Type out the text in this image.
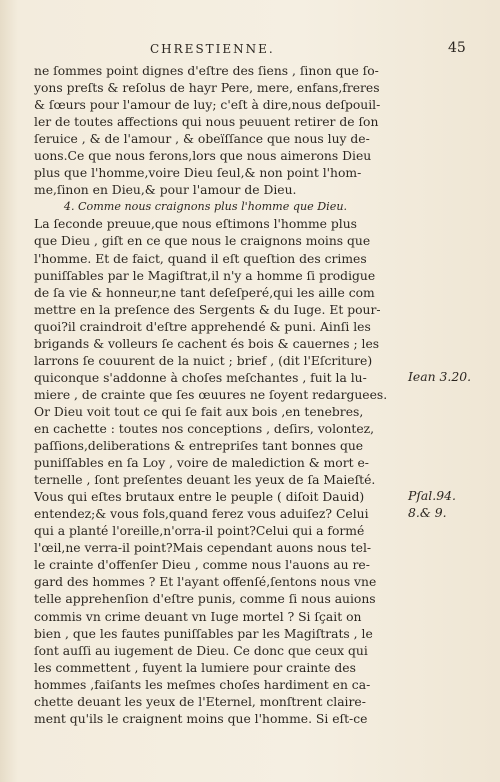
CHRESTIENNE.	45
ne ſommes point dignes d'eſtre des ſiens , ſinon que ſo-
yons preſts & reſolus de hayr Pere, mere, enfans,freres
& ſœurs pour l'amour de luy; c'eſt à dire,nous deſpouil-
ler de toutes affections qui nous peuuent retirer de ſon
ſeruice , & de l'amour , & obeïſſance que nous luy de-
uons.Ce que nous ferons,lors que nous aimerons Dieu
plus que l'homme,voire Dieu ſeul,& non point l'hom-
me,ſinon en Dieu,& pour l'amour de Dieu.
4. Comme nous craignons plus l'homme que Dieu.
La ſeconde preuue,que nous eſtimons l'homme plus
que Dieu , giſt en ce que nous le craignons moins que
l'homme. Et de faict, quand il eſt queſtion des crimes
puniſſables par le Magiſtrat,il n'y a homme ſi prodigue
de ſa vie & honneur,ne tant deſeſperé,qui les aille com
mettre en la preſence des Sergents & du Iuge. Et pour-
quoi?il craindroit d'eſtre apprehendé & puni. Ainſi les
brigands & volleurs ſe cachent és bois & cauernes ; les
larrons ſe couurent de la nuict ; brief , (dit l'Eſcriture)
quiconque s'addonne à choſes meſchantes , fuit la lu-
miere , de crainte que ſes œuures ne ſoyent redarguees.
Or Dieu voit tout ce qui ſe fait aux bois ,en tenebres,
en cachette : toutes nos conceptions , deſirs, volontez,
paſſions,deliberations & entrepriſes tant bonnes que
puniſſables en ſa Loy , voire de malediction & mort e-
ternelle , ſont preſentes deuant les yeux de ſa Maieſté.
Vous qui eſtes brutaux entre le peuple ( diſoit Dauid)
entendez;& vous fols,quand ferez vous aduiſez? Celui
qui a planté l'oreille,n'orra-il point?Celui qui a formé
l'œil,ne verra-il point?Mais cependant auons nous tel-
le crainte d'offenſer Dieu , comme nous l'auons au re-
gard des hommes ? Et l'ayant offenſé,ſentons nous vne
telle apprehenſion d'eſtre punis, comme ſi nous auions
commis vn crime deuant vn Iuge mortel ? Si ſçait on
bien , que les fautes puniſſables par les Magiſtrats , le
ſont auſſi au iugement de Dieu. Ce donc que ceux qui
les commettent , fuyent la lumiere pour crainte des
hommes ,faiſants les meſmes choſes hardiment en ca-
chette deuant les yeux de l'Eternel, monſtrent claire-
ment qu'ils le craignent moins que l'homme. Si eſt-ce
Iean 3.20.
Pſal.94.
8.& 9.
